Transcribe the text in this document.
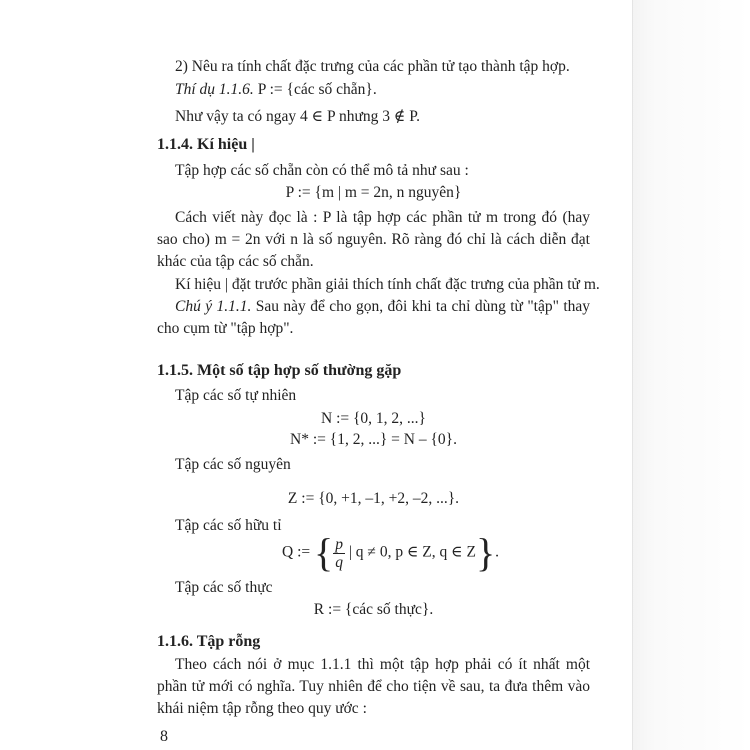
2) Nêu ra tính chất đặc trưng của các phần tử tạo thành tập hợp.
Thí dụ 1.1.6. P := {các số chẵn}.
Như vậy ta có ngay 4 ∈ P nhưng 3 ∉ P.
1.1.4. Kí hiệu |
Tập hợp các số chẵn còn có thể mô tả như sau :
P := {m | m = 2n, n nguyên}
Cách viết này đọc là : P là tập hợp các phần tử m trong đó (hay
sao cho) m = 2n với n là số nguyên. Rõ ràng đó chỉ là cách diễn đạt
khác của tập các số chẵn.
Kí hiệu | đặt trước phần giải thích tính chất đặc trưng của phần tử m.
Chú ý 1.1.1. Sau này để cho gọn, đôi khi ta chỉ dùng từ "tập" thay
cho cụm từ "tập hợp".
1.1.5. Một số tập hợp số thường gặp
Tập các số tự nhiên
N := {0, 1, 2, ...}
N* := {1, 2, ...} = N – {0}.
Tập các số nguyên
Z := {0, +1, –1, +2, –2, ...}.
Tập các số hữu tỉ
Q := { $\frac{p}{q}$ | q ≠ 0, p ∈ Z, q ∈ Z}.
Tập các số thực
R := {các số thực}.
1.1.6. Tập rỗng
Theo cách nói ở mục 1.1.1 thì một tập hợp phải có ít nhất một
phần tử mới có nghĩa. Tuy nhiên để cho tiện về sau, ta đưa thêm vào
khái niệm tập rỗng theo quy ước :
8
